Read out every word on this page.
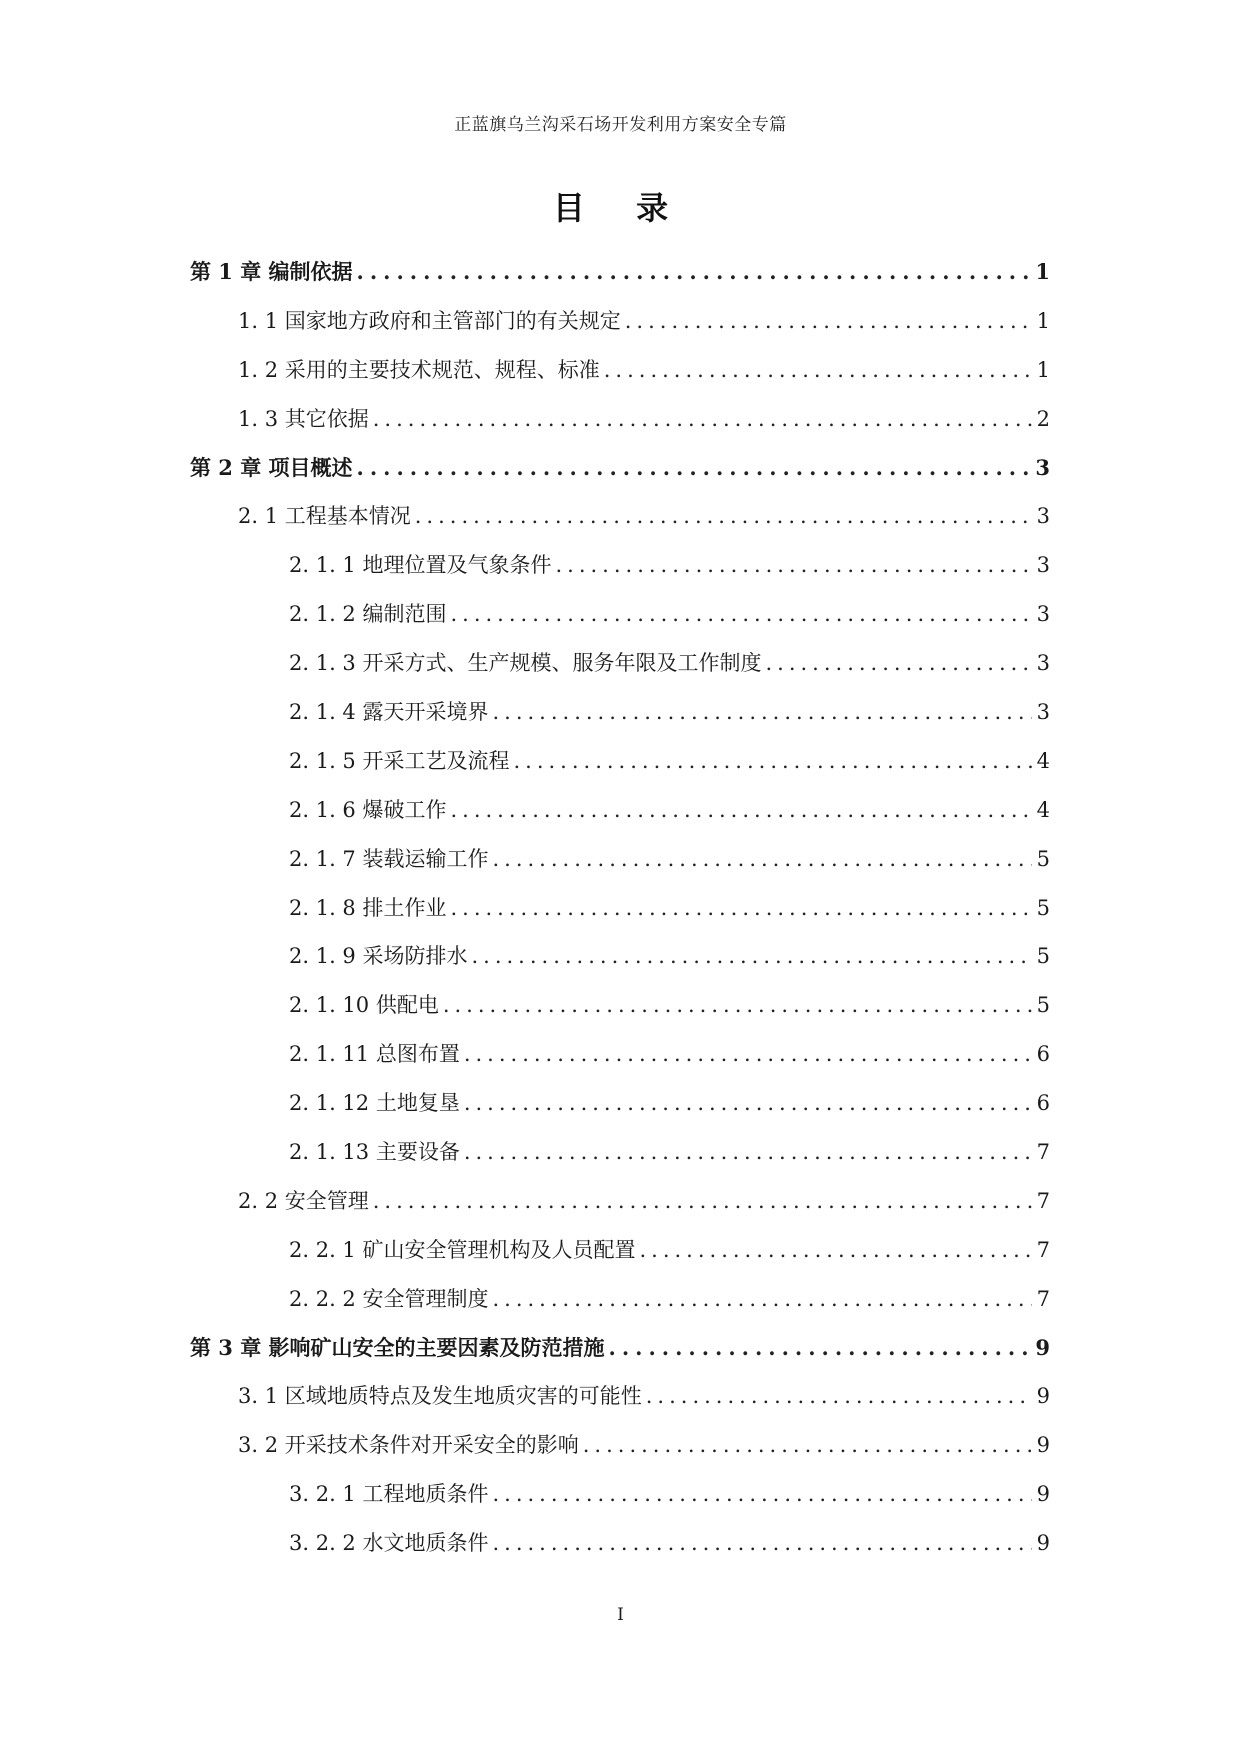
正蓝旗乌兰沟采石场开发利用方案安全专篇
目 录
第 1 章 编制依据 .....	1
1. 1 国家地方政府和主管部门的有关规定 .....	1
1. 2 采用的主要技术规范、规程、标准 .....	1
1. 3 其它依据 .....	2
第 2 章 项目概述 .....	3
2. 1 工程基本情况 .....	3
2. 1. 1 地理位置及气象条件 .....	3
2. 1. 2 编制范围 .....	3
2. 1. 3 开采方式、生产规模、服务年限及工作制度 .....	3
2. 1. 4 露天开采境界 .....	3
2. 1. 5 开采工艺及流程 .....	4
2. 1. 6 爆破工作 .....	4
2. 1. 7 装载运输工作 .....	5
2. 1. 8 排土作业 .....	5
2. 1. 9 采场防排水 .....	5
2. 1. 10 供配电 .....	5
2. 1. 11 总图布置 .....	6
2. 1. 12 土地复垦 .....	6
2. 1. 13 主要设备 .....	7
2. 2 安全管理 .....	7
2. 2. 1 矿山安全管理机构及人员配置 .....	7
2. 2. 2 安全管理制度 .....	7
第 3 章 影响矿山安全的主要因素及防范措施 .....	9
3. 1 区域地质特点及发生地质灾害的可能性 .....	9
3. 2 开采技术条件对开采安全的影响 .....	9
3. 2. 1 工程地质条件 .....	9
3. 2. 2 水文地质条件 .....	9
I
